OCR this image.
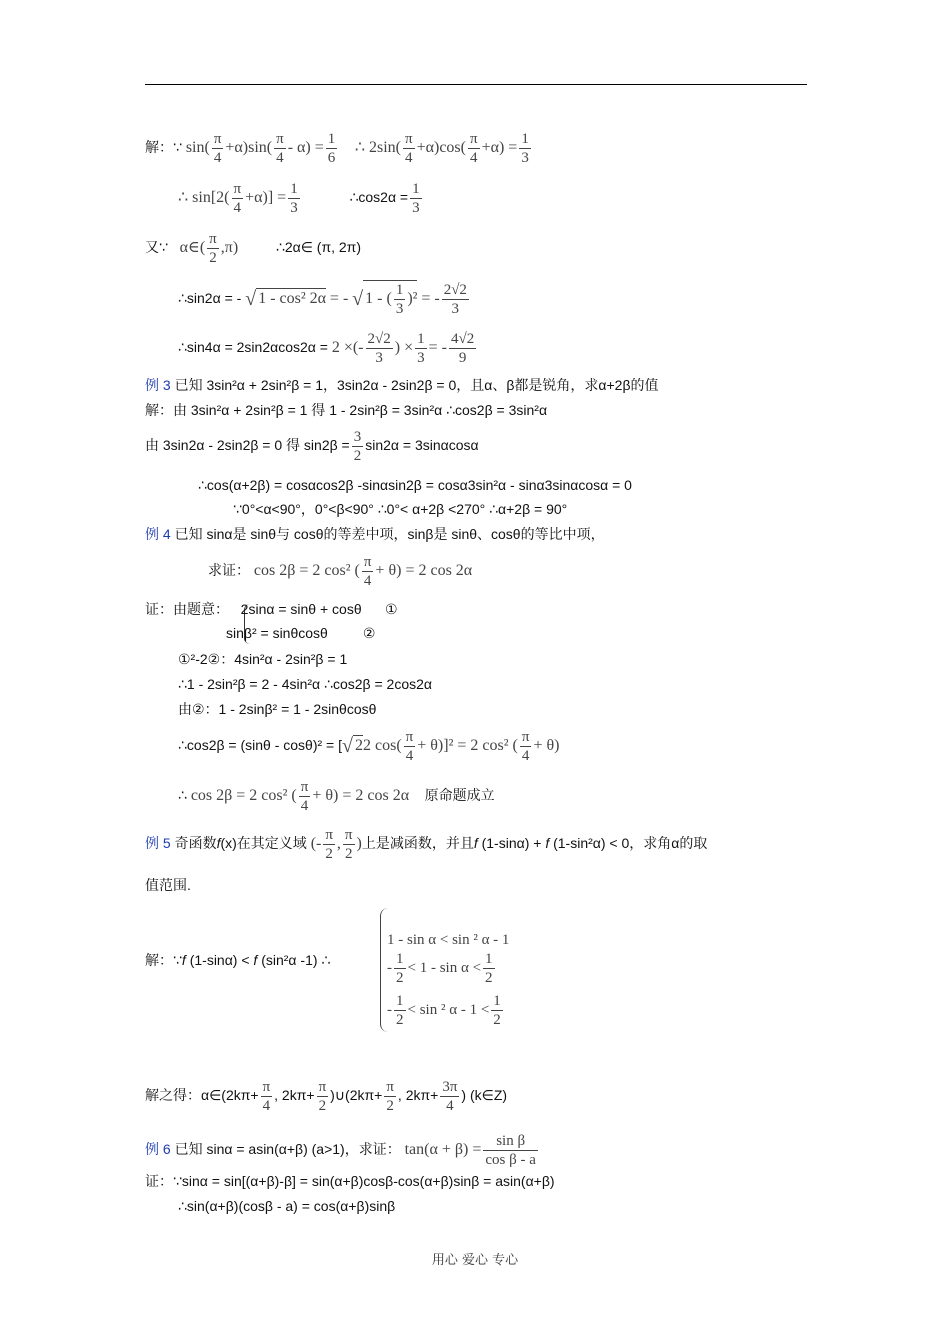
解：∵ $\sin( \frac{\pi}{4} +\alpha)\sin( \frac{\pi}{4} - \alpha) = \frac{1}{6}$ ∴ $2\sin( \frac{\pi}{4} +\alpha)\cos( \frac{\pi}{4} +\alpha) = \frac{1}{3}$
∴ $\sin[2( \frac{\pi}{4} +\alpha)] = \frac{1}{3}$	∴cos2α = $\frac{1}{3}$
又∵ α∈( $\frac{\pi}{2} ,\pi$)	∴2α∈ (π, 2π)
∴sin2α = - √ 1 - cos² 2α = - √ 1 - ( $\frac{1}{3} )^2$ = - $\frac{2√2}{3}$
∴sin4α = 2sin2αcos2α = 2 ×(- $\frac{2√2}{3}$ ) × $\frac{1}{3}$ = - $\frac{4√2}{9}$
例 3 已知 3sin²α + 2sin²β = 1，3sin2α - 2sin2β = 0，且α、β都是锐角，求α+2β的值
解：由 3sin²α + 2sin²β = 1 得 1 - 2sin²β = 3sin²α ∴cos2β = 3sin²α
由 3sin2α - 2sin2β = 0 得 $\sin 2\beta = \frac{3}{2} \sin 2\alpha = 3\sin\alpha\cos\alpha$
∴cos(α+2β) = cosαcos2β -sinαsin2β = cosα3sin²α - sinα3sinαcosα = 0
∵0°<α<90°，0°<β<90° ∴0°< α+2β <270° ∴α+2β = 90°
例 4 已知 sinα是 sinθ与 cosθ的等差中项，sinβ是 sinθ、cosθ的等比中项，
求证： cos 2β = 2 cos² ( $\frac{\pi}{4} + \theta) = 2$ cos 2α
证：由题意： 2sinα = sinθ + cosθ ①
sinβ² = sinθcosθ	②
①²-2②：4sin²α - 2sin²β = 1
∴1 - 2sin²β = 2 - 4sin²α ∴cos2β = 2cos2α
由②：1 - 2sinβ² = 1 - 2sinθcosθ
∴cos2β = (sinθ - cosθ)² = [√ 22 $\cos( \frac{\pi}{4} + \theta)]^2 = 2$ cos² ( $\frac{\pi}{4} + \theta$)
∴ cos 2β = 2 cos² ( $\frac{\pi}{4} + \theta) = 2$ cos 2α 原命题成立
例 5 奇函数f(x)在其定义域 (- $\frac{\pi}{2}$ , $\frac{\pi}{2}$ )上是减函数，并且f (1-sinα) + f (1-sin²α) < 0，求角α的取
值范围.
解：∵f (1-sinα) < f (sin²α -1) ∴
1 - sin α < sin ² α - 1
- $\frac{1}{2} < 1 - \sin \alpha < \frac{1}{2}$
- $\frac{1}{2} < \sin ^2$ $\alpha - 1 < \frac{1}{2}$
解之得：α∈(2kπ+ $\frac{\pi}{4}$ , $2k\pi+ \frac{\pi}{2}$ )∪(2kπ+ $\frac{\pi}{2}$ , $2k\pi+ \frac{3\pi}{4}$ ) (k∈Z)
例 6 已知 sinα = asin(α+β) (a>1)，求证： $\tan(\alpha + \beta) = \frac{\text{sin β}}{\text{cos β - a}}$
证：∵sinα = sin[(α+β)-β] = sin(α+β)cosβ-cos(α+β)sinβ = asin(α+β)
∴sin(α+β)(cosβ - a) = cos(α+β)sinβ
用心 爱心 专心
